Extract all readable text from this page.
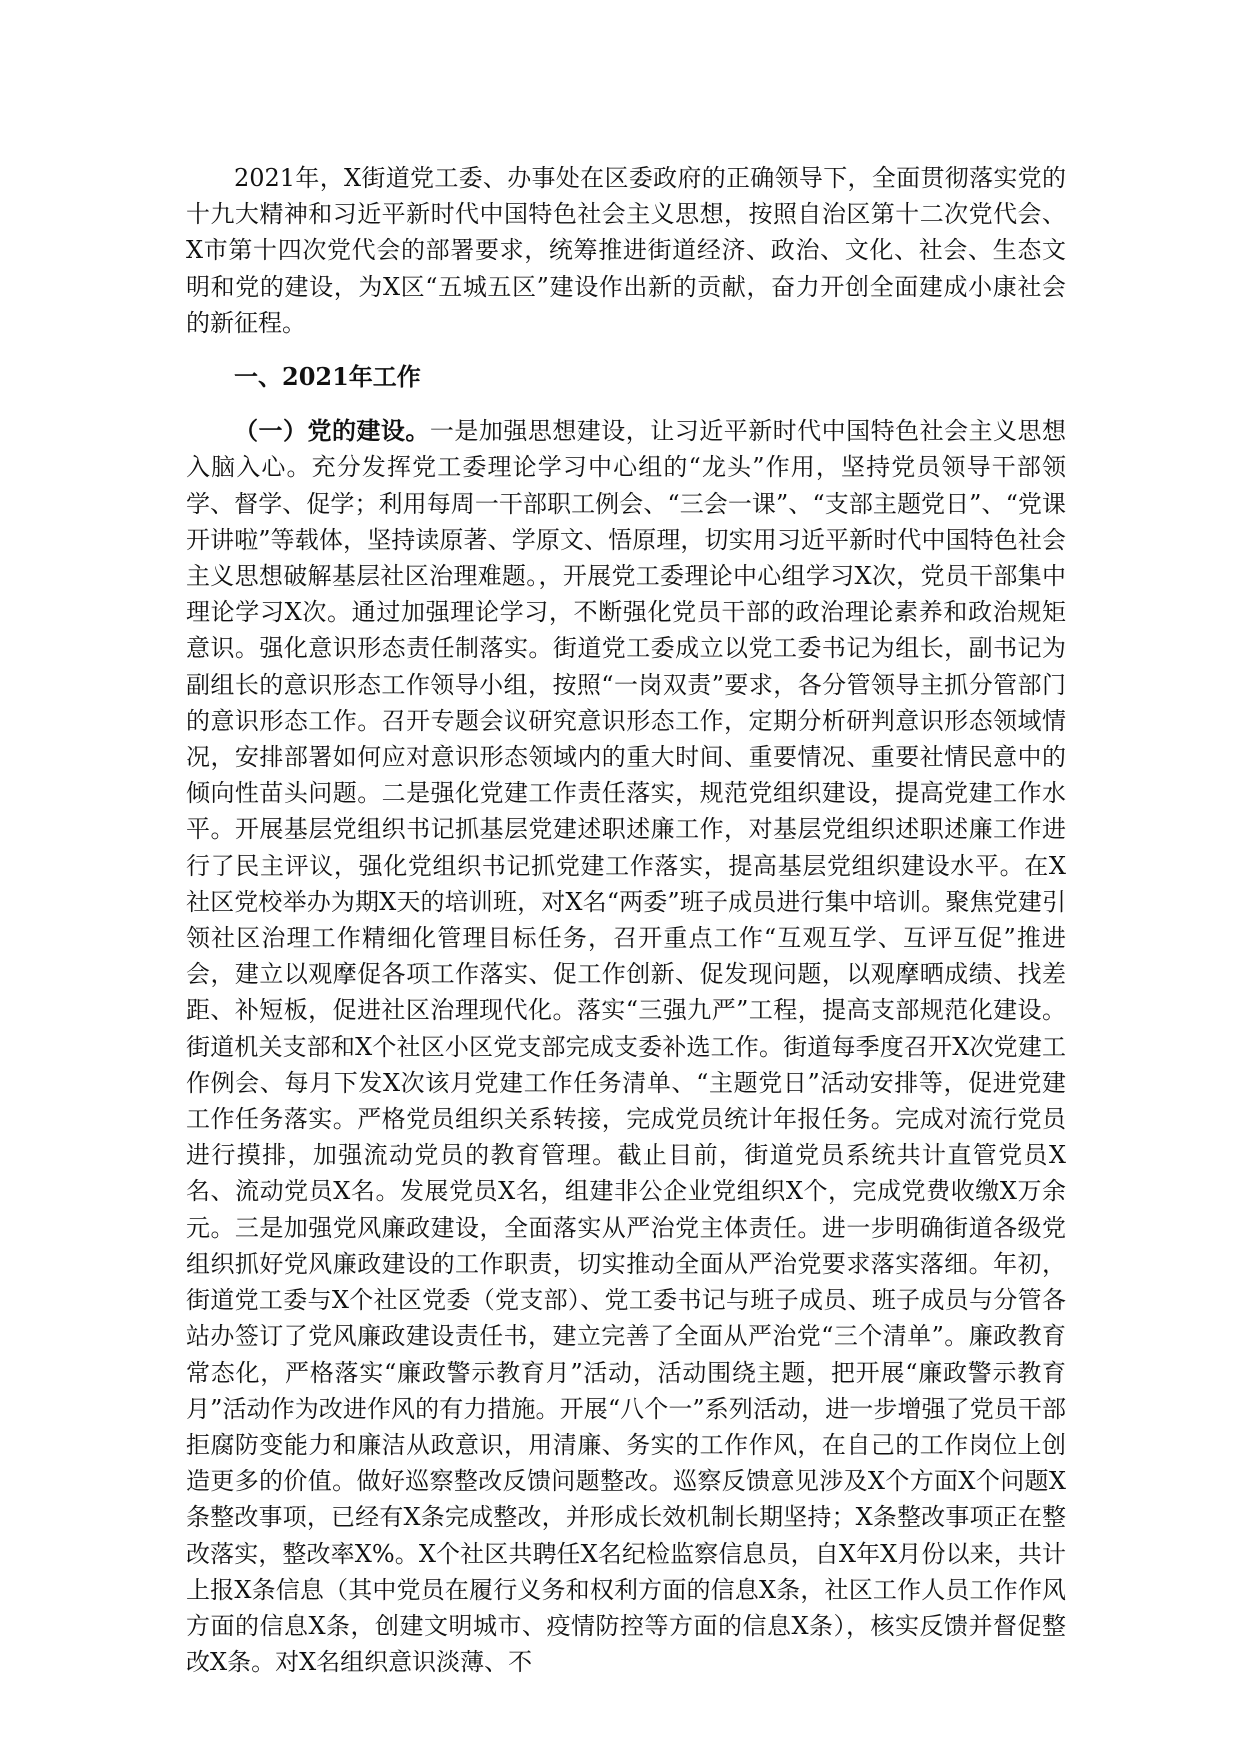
2021年，X街道党工委、办事处在区委政府的正确领导下，全面贯彻落实党的十九大精神和习近平新时代中国特色社会主义思想，按照自治区第十二次党代会、X市第十四次党代会的部署要求，统筹推进街道经济、政治、文化、社会、生态文明和党的建设，为X区“五城五区”建设作出新的贡献，奋力开创全面建成小康社会的新征程。

一、2021年工作

（一）党的建设。一是加强思想建设，让习近平新时代中国特色社会主义思想入脑入心。充分发挥党工委理论学习中心组的“龙头”作用，坚持党员领导干部领学、督学、促学；利用每周一干部职工例会、“三会一课”、“支部主题党日”、“党课开讲啦”等载体，坚持读原著、学原文、悟原理，切实用习近平新时代中国特色社会主义思想破解基层社区治理难题。，开展党工委理论中心组学习X次，党员干部集中理论学习X次。通过加强理论学习，不断强化党员干部的政治理论素养和政治规矩意识。强化意识形态责任制落实。街道党工委成立以党工委书记为组长，副书记为副组长的意识形态工作领导小组，按照“一岗双责”要求，各分管领导主抓分管部门的意识形态工作。召开专题会议研究意识形态工作，定期分析研判意识形态领域情况，安排部署如何应对意识形态领域内的重大时间、重要情况、重要社情民意中的倾向性苗头问题。二是强化党建工作责任落实，规范党组织建设，提高党建工作水平。开展基层党组织书记抓基层党建述职述廉工作，对基层党组织述职述廉工作进行了民主评议，强化党组织书记抓党建工作落实，提高基层党组织建设水平。在X社区党校举办为期X天的培训班，对X名“两委”班子成员进行集中培训。聚焦党建引领社区治理工作精细化管理目标任务，召开重点工作“互观互学、互评互促”推进会，建立以观摩促各项工作落实、促工作创新、促发现问题，以观摩晒成绩、找差距、补短板，促进社区治理现代化。落实“三强九严”工程，提高支部规范化建设。街道机关支部和X个社区小区党支部完成支委补选工作。街道每季度召开X次党建工作例会、每月下发X次该月党建工作任务清单、“主题党日”活动安排等，促进党建工作任务落实。严格党员组织关系转接，完成党员统计年报任务。完成对流行党员进行摸排，加强流动党员的教育管理。截止目前，街道党员系统共计直管党员X名、流动党员X名。发展党员X名，组建非公企业党组织X个，完成党费收缴X万余元。三是加强党风廉政建设，全面落实从严治党主体责任。进一步明确街道各级党组织抓好党风廉政建设的工作职责，切实推动全面从严治党要求落实落细。年初，街道党工委与X个社区党委（党支部）、党工委书记与班子成员、班子成员与分管各站办签订了党风廉政建设责任书，建立完善了全面从严治党“三个清单”。廉政教育常态化，严格落实“廉政警示教育月”活动，活动围绕主题，把开展“廉政警示教育月”活动作为改进作风的有力措施。开展“八个一”系列活动，进一步增强了党员干部拒腐防变能力和廉洁从政意识，用清廉、务实的工作作风，在自己的工作岗位上创造更多的价值。做好巡察整改反馈问题整改。巡察反馈意见涉及X个方面X个问题X条整改事项，已经有X条完成整改，并形成长效机制长期坚持；X条整改事项正在整改落实，整改率X%。X个社区共聘任X名纪检监察信息员，自X年X月份以来，共计上报X条信息（其中党员在履行义务和权利方面的信息X条，社区工作人员工作作风方面的信息X条，创建文明城市、疫情防控等方面的信息X条），核实反馈并督促整改X条。对X名组织意识淡薄、不
